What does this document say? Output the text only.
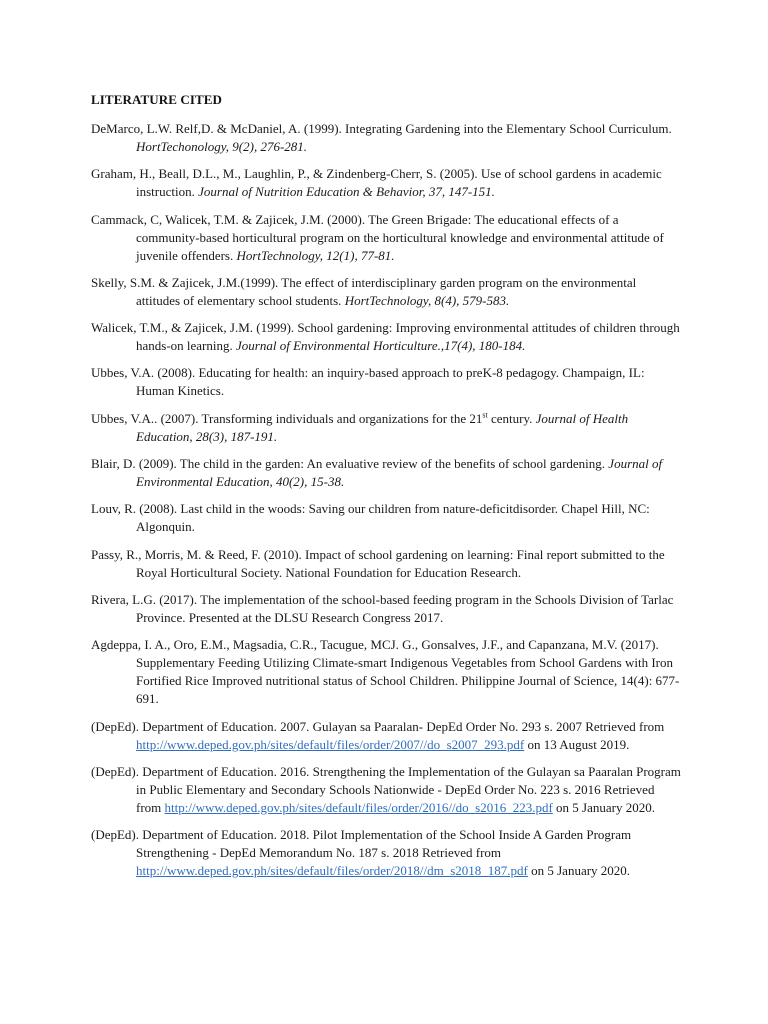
LITERATURE CITED

DeMarco, L.W. Relf,D. & McDaniel, A. (1999). Integrating Gardening into the Elementary School Curriculum. HortTechonology, 9(2), 276-281.

Graham, H., Beall, D.L., M., Laughlin, P., & Zindenberg-Cherr, S. (2005). Use of school gardens in academic instruction. Journal of Nutrition Education & Behavior, 37, 147-151.

Cammack, C, Walicek, T.M. & Zajicek, J.M. (2000). The Green Brigade: The educational effects of a community-based horticultural program on the horticultural knowledge and environmental attitude of juvenile offenders. HortTechnology, 12(1), 77-81.

Skelly, S.M. & Zajicek, J.M.(1999). The effect of interdisciplinary garden program on the environmental attitudes of elementary school students. HortTechnology, 8(4), 579-583.

Walicek, T.M., & Zajicek, J.M. (1999). School gardening: Improving environmental attitudes of children through hands-on learning. Journal of Environmental Horticulture.,17(4), 180-184.

Ubbes, V.A. (2008). Educating for health: an inquiry-based approach to preK-8 pedagogy. Champaign, IL: Human Kinetics.

Ubbes, V.A.. (2007). Transforming individuals and organizations for the 21st century. Journal of Health Education, 28(3), 187-191.

Blair, D. (2009). The child in the garden: An evaluative review of the benefits of school gardening. Journal of Environmental Education, 40(2), 15-38.

Louv, R. (2008). Last child in the woods: Saving our children from nature-deficitdisorder. Chapel Hill, NC: Algonquin.

Passy, R., Morris, M. & Reed, F. (2010). Impact of school gardening on learning: Final report submitted to the Royal Horticultural Society. National Foundation for Education Research.

Rivera, L.G. (2017). The implementation of the school-based feeding program in the Schools Division of Tarlac Province. Presented at the DLSU Research Congress 2017.

Agdeppa, I. A., Oro, E.M., Magsadia, C.R., Tacugue, MCJ. G., Gonsalves, J.F., and Capanzana, M.V. (2017). Supplementary Feeding Utilizing Climate-smart Indigenous Vegetables from School Gardens with Iron Fortified Rice Improved nutritional status of School Children. Philippine Journal of Science, 14(4): 677-691.

(DepEd). Department of Education. 2007. Gulayan sa Paaralan- DepEd Order No. 293 s. 2007 Retrieved from http://www.deped.gov.ph/sites/default/files/order/2007//do_s2007_293.pdf on 13 August 2019.

(DepEd). Department of Education. 2016. Strengthening the Implementation of the Gulayan sa Paaralan Program in Public Elementary and Secondary Schools Nationwide - DepEd Order No. 223 s. 2016 Retrieved from http://www.deped.gov.ph/sites/default/files/order/2016//do_s2016_223.pdf on 5 January 2020.

(DepEd). Department of Education. 2018. Pilot Implementation of the School Inside A Garden Program Strengthening - DepEd Memorandum No. 187 s. 2018 Retrieved from http://www.deped.gov.ph/sites/default/files/order/2018//dm_s2018_187.pdf on 5 January 2020.
